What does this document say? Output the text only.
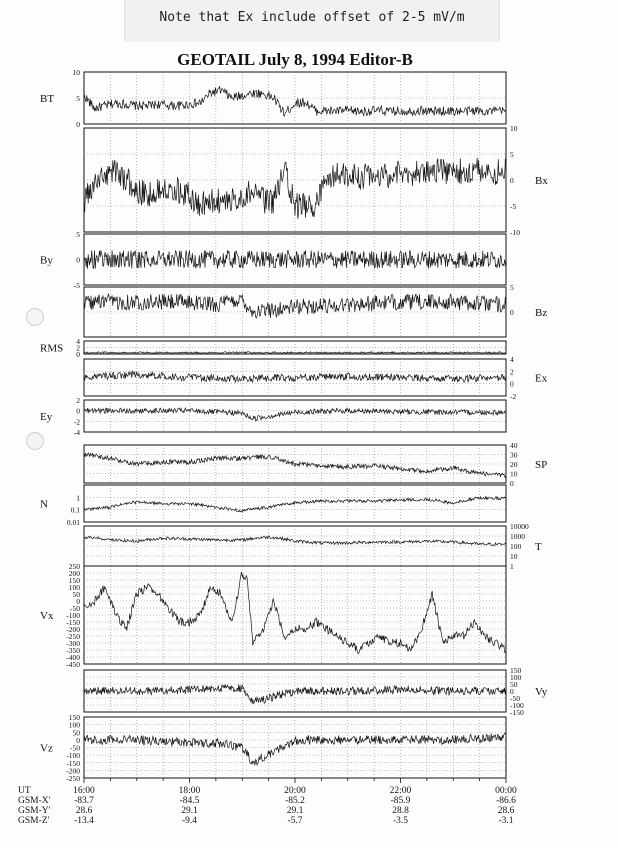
Note that Ex include offset of 2-5 mV/m
GEOTAIL July 8, 1994 Editor-B
10
5
0
BT
10
5
0
-5
-10
Bx
5
0
-5
By
5
0 Bz
4
2
0
RMS
4
2
0
-2
Ex
2
0
-2
-4
Ey
40
30
20
10
0
SP
1
0.1
0.01
N
10000
1000
100
10
1
T
250
200
150
100
50
0
-50
-100
-150
-200
-250
-300
-350
-400
-450
Vx
150
100
50
0
-50
-100
-150
Vy
150
100
50
0
-50
-100
-150
-200
-250
Vz
UT
GSM-X'
GSM-Y'
GSM-Z'
16:00
-83.7
28.6
-13.4
18:00
-84.5
29.1
-9.4
20:00
-85.2
29.1
-5.7
22:00
-85.9
28.8
-3.5
00:00
-86.6
28.6
-3.1
